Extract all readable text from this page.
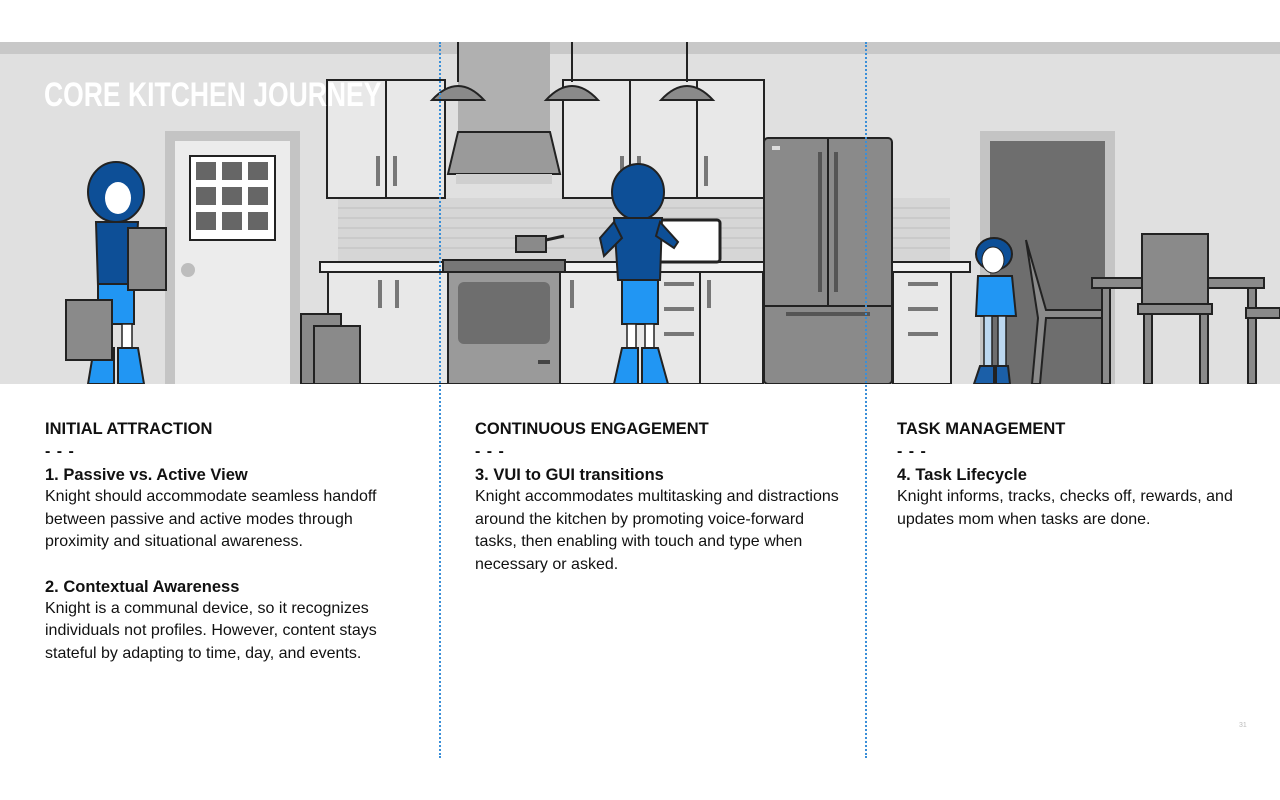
CORE KITCHEN JOURNEY
INITIAL ATTRACTION
- - -
1. Passive vs. Active View

Knight should accommodate seamless handoff between passive and active modes through proximity and situational awareness.

2. Contextual Awareness

Knight is a communal device, so it recognizes individuals not profiles. However, content stays stateful by adapting to time, day, and events.

CONTINUOUS ENGAGEMENT
- - -
3. VUI to GUI transitions

Knight accommodates multitasking and distractions around the kitchen by promoting voice-forward tasks, then enabling with touch and type when necessary or asked.

TASK MANAGEMENT
- - -
4. Task Lifecycle

Knight informs, tracks, checks off, rewards, and updates mom when tasks are done.

31
